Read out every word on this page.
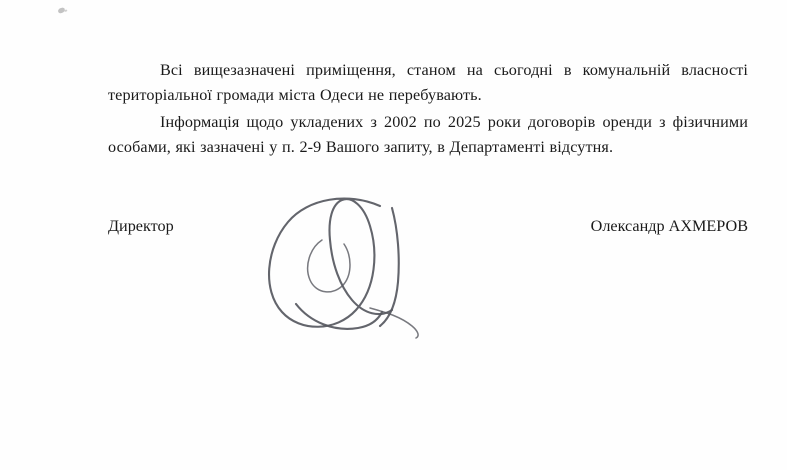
Всі вищезазначені приміщення, станом на сьогодні в комунальній власності територіальної громади міста Одеси не перебувають.

Інформація щодо укладених з 2002 по 2025 роки договорів оренди з фізичними особами, які зазначені у п. 2-9 Вашого запиту, в Департаменті відсутня.

Директор	Олександр АХМЕРОВ
